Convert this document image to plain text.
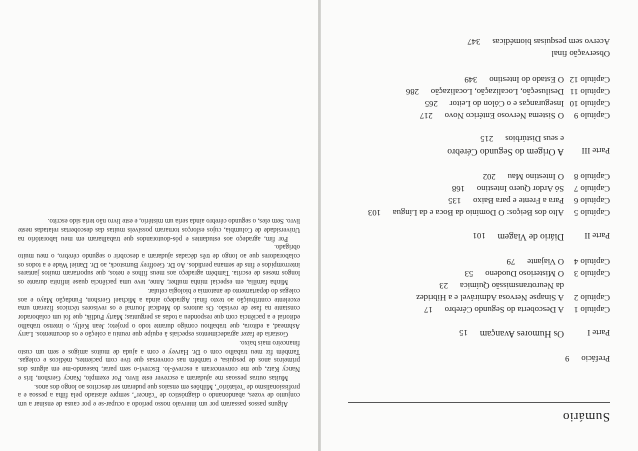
Sumário
Prefácio
9
Parte I
Os Humores Avançam
15
Capítulo 1
A Descoberta do Segundo Cérebro
17
Capítulo 2
A Sinapse Nervosa Admirável e a Hibridez
da Neurotransmissão Química
23
Capítulo 3
O Misterioso Duodeno
53
Capítulo 4
O Viajante
79
Parte II
Diário de Viagem
101
Capítulo 5
Alto dos Beiços: O Domínio da Boca e da Língua
103
Capítulo 6
Para a Frente e para Baixo
135
Capítulo 7
Só Ardor Quero Intestino
168
Capítulo 8
O Intestino Mau
202
Parte III
A Origem do Segundo Cérebro
e seus Distúrbios
215
Capítulo 9
O Sistema Nervoso Entérico Novo
217
Capítulo 10
Inseguranças e o Cólon do Leitor
265
Capítulo 11
Desiluseção, Localização, Localização
286
Capítulo 12
O Estado do Intestino
349
Observação final
Acervo sem pesquisas biomédicas
347

Alguns passos passaram por um intervalo nosso período a ocupar-se e por causa de ensinar a um conjunto de vozes, abandonando o diagnóstico de "câncer", sempre afastado pela filha a pessoa e a profissionalismo de "relatório", Milhões em ensaios que puderam ser descritos ao longo dos anos.

Muitas outras pessoas me ajudaram a escrever este livro. Por exemplo, Nancy Gershon, Iris e Nancy Katz, que me convenceram a escrevê-lo. Escrevi-o sem parar, baseando-me em alguns dos primeiros anos de pesquisa, e também nas conversas que tive com pacientes, médicos e colegas. Também fiz meu trabalho com o Dr. Harvey e com a ajuda de muitos amigos e sem um custo financeiro mais baixo.

Gostaria de fazer agradecimentos especiais à equipe que reuniu a coleção e os documentos. Larry Ashmead, a editora, que trabalhou comigo durante todo o projeto; Jean Kelly, o intenso trabalho editorial e a paciência com que respondeu a todas as perguntas; Marty Pudlik, que foi um colaborador constante na fase de revisão. Os autores do Medical Journal e os revisores técnicos fizeram uma excelente contribuição ao texto final. Agradeço ainda a Michael Gershon, Fundação Mayo e aos colegas do departamento de anatomia e biologia celular.

Minha família, em especial minha mulher, Anne, teve uma paciência quase infinita durante os longos meses de escrita. Também agradeço aos meus filhos e netos, que suportaram muitos jantares interrompidos e fins de semana perdidos. Ao Dr. Geoffrey Burnstock, ao Dr. Daniel Wade e a todos os colaboradores que ao longo de três décadas ajudaram a descobrir o segundo cérebro, o meu muito obrigado.

Por fim, agradeço aos estudantes e pós-doutorandos que trabalharam em meu laboratório na Universidade de Columbia, cujos esforços tornaram possíveis muitas das descobertas relatadas neste livro. Sem eles, o segundo cérebro ainda seria um mistério, e este livro não teria sido escrito.
